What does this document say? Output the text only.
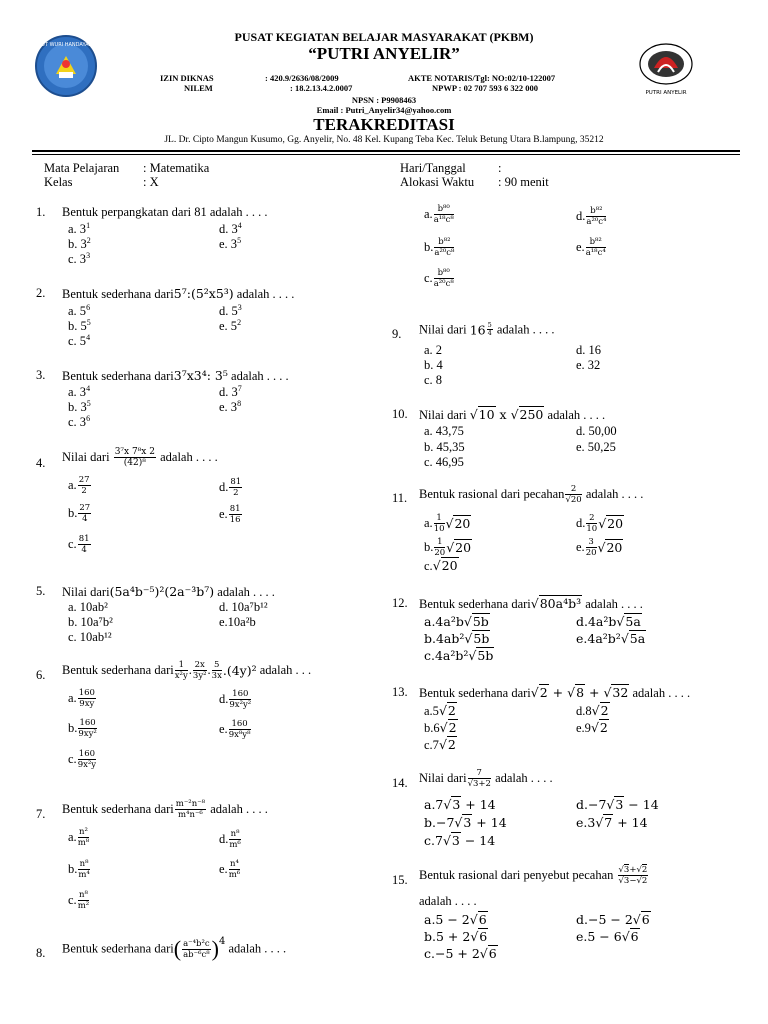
TUT WURI HANDAYANI
PUTRI ANYELIR
PUSAT KEGIATAN BELAJAR MASYARAKAT (PKBM)
“PUTRI ANYELIR”
IZIN DIKNAS	: 420.9/2636/08/2009	AKTE NOTARIS/Tgl: NO:02/10-122007
NILEM	: 18.2.13.4.2.0007	NPWP : 02 707 593 6 322 000
NPSN : P9908463
Email : Putri_Anyelir34@yahoo.com
TERAKREDITASI
JL. Dr. Cipto Mangun Kusumo, Gg. Anyelir, No. 48 Kel. Kupang Teba Kec. Teluk Betung Utara B.lampung, 35212
Mata Pelajaran : Matematika
Kelas	: X
Hari/Tanggal	:
Alokasi Waktu : 90 menit
1. Bentuk perpangkatan dari 81 adalah . . . .
a. $3^1$
b. $3^2$
c. $3^3$
d. $3^4$
e. $3^5$
2. Bentuk sederhana dari5⁷:(5²x5³) adalah . . . .
a. $5^6$
b. $5^5$
c. $5^4$
d. $5^3$
e. $5^2$
3. Bentuk sederhana dari3⁷x3⁴: 3⁵ adalah . . . .
a. $3^4$
b. $3^5$
c. $3^6$
d. $3^7$
e. $3^8$
4. Nilai dari $\frac{\text{3⁷x 7⁸x 2}}{\text{(42)⁸}}$ adalah . . . .
a. $\frac{27}{2}$
b. $\frac{27}{4}$
c. $\frac{81}{4}$
d. $\frac{81}{2}$
e. $\frac{81}{16}$
5. Nilai dari(5a⁴b⁻⁵)²(2a⁻³b⁷) adalah . . . .
a. 10ab²
b. 10a⁷b²
c. 10ab¹²
d. 10a⁷b¹²
e.10a²b
6. Bentuk sederhana dari $\frac{1}{\text{x²y}}$ . $\frac{2x}{\text{3y²}}$ . $\frac{5}{3x} .(4y)^2$ adalah . . .
a. $\frac{160}{9xy}$
b. $\frac{160}{\text{9xy²}}$
c. $\frac{160}{\text{9x²y}}$
d. $\frac{160}{\text{9x²y²}}$
e. $\frac{160}{\text{9x⁸y⁸}}$
7. Bentuk sederhana dari $\frac{\text{m⁻²n⁻⁸}}{\text{m⁴n⁻⁶}}$ adalah . . . .
a. $\frac{\text{n²}}{\text{m⁸}}$
b. $\frac{\text{n⁸}}{\text{m⁴}}$
c. $\frac{\text{n⁸}}{\text{m²}}$
d. $\frac{\text{n⁸}}{\text{m⁶}}$
e. $\frac{\text{n⁴}}{\text{m⁶}}$
8. Bentuk sederhana dari( $\frac{\text{a⁻⁴b²c}}{\text{ab⁻⁶c⁸}} )^4$ adalah . . . .
a. $\frac{\text{b⁸⁰}}{\text{a¹⁸c⁸}}$
b. $\frac{\text{b⁸²}}{\text{a²⁰c⁸}}$
c. $\frac{\text{b⁸⁰}}{\text{a²⁰c⁸}}$
d. $\frac{\text{b⁸²}}{\text{a²⁰c⁴}}$
e. $\frac{\text{b⁸²}}{\text{a¹⁸c⁴}}$
9. Nilai dari $16 \frac{5}{4}$ adalah . . . .
a. 2
b. 4
c. 8
d. 16
e. 32
10. Nilai dari √10 x √250 adalah . . . .
a. 43,75
b. 45,35
c. 46,95
d. 50,00
e. 50,25
11. Bentuk rasional dari pecahan $\frac{2}{√20}$ adalah . . . .
a. $\frac{1}{10} √20$
b. $\frac{1}{20} √20$
c.√20
d. $\frac{2}{10} √20$
e. $\frac{3}{20} √20$
12. Bentuk sederhana dari√80a⁴b³ adalah . . . .
a.4a²b√5b
b.4ab²√5b
c.4a²b²√5b
d.4a²b√5a
e.4a²b²√5a
13. Bentuk sederhana dari√2 + √8 + √32 adalah . . . .
a.5√2
b.6√2
c.7√2
d.8√2
e.9√2
14. Nilai dari $\frac{7}{√3+2}$ adalah . . . .
a.7√3 + 14
b.−7√3 + 14
c.7√3 − 14
d.−7√3 − 14
e.3√7 + 14
15. Bentuk rasional dari penyebut pecahan $\frac{√3+√2}{√3-√2}$
adalah . . . .
a.5 − 2√6
b.5 + 2√6
c.−5 + 2√6
d.−5 − 2√6
e.5 − 6√6
